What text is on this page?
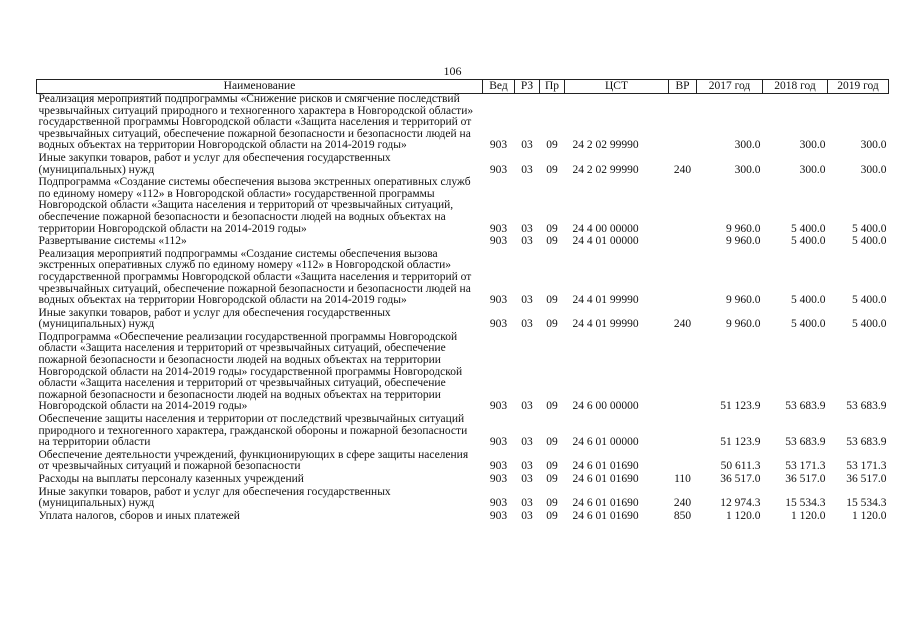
106
Наименование	Вед	РЗ	Пр	ЦСТ	ВР	2017 год	2018 год	2019 год
Реализация мероприятий подпрограммы «Снижение рисков и смягчение последствий чрезвычайных ситуаций природного и техногенного характера в Новгородской области» государственной программы Новгородской области «Защита населения и территорий от чрезвычайных ситуаций, обеспечение пожарной безопасности и безопасности людей на водных объектах на территории Новгородской области на 2014-2019 годы»	903	03	09	24 2 02 99990		300.0	300.0	300.0
Иные закупки товаров, работ и услуг для обеспечения государственных (муниципальных) нужд	903	03	09	24 2 02 99990	240	300.0	300.0	300.0
Подпрограмма «Создание системы обеспечения вызова экстренных оперативных служб по единому номеру «112» в Новгородской области» государственной программы Новгородской области «Защита населения и территорий от чрезвычайных ситуаций, обеспечение пожарной безопасности и безопасности людей на водных объектах на территории Новгородской области на 2014-2019 годы»	903	03	09	24 4 00 00000		9 960.0	5 400.0	5 400.0
Развертывание системы «112»	903	03	09	24 4 01 00000		9 960.0	5 400.0	5 400.0
Реализация мероприятий подпрограммы «Создание системы обеспечения вызова экстренных оперативных служб по единому номеру «112» в Новгородской области» государственной программы Новгородской области «Защита населения и территорий от чрезвычайных ситуаций, обеспечение пожарной безопасности и безопасности людей на водных объектах на территории Новгородской области на 2014-2019 годы»	903	03	09	24 4 01 99990		9 960.0	5 400.0	5 400.0
Иные закупки товаров, работ и услуг для обеспечения государственных (муниципальных) нужд	903	03	09	24 4 01 99990	240	9 960.0	5 400.0	5 400.0
Подпрограмма «Обеспечение реализации государственной программы Новгородской области «Защита населения и территорий от чрезвычайных ситуаций, обеспечение пожарной безопасности и безопасности людей на водных объектах на территории Новгородской области на 2014-2019 годы» государственной программы Новгородской области «Защита населения и территорий от чрезвычайных ситуаций, обеспечение пожарной безопасности и безопасности людей на водных объектах на территории Новгородской области на 2014-2019 годы»	903	03	09	24 6 00 00000		51 123.9	53 683.9	53 683.9
Обеспечение защиты населения и территории от последствий чрезвычайных ситуаций природного и техногенного характера, гражданской обороны и пожарной безопасности на территории области	903	03	09	24 6 01 00000		51 123.9	53 683.9	53 683.9
Обеспечение деятельности учреждений, функционирующих в сфере защиты населения от чрезвычайных ситуаций и пожарной безопасности	903	03	09	24 6 01 01690		50 611.3	53 171.3	53 171.3
Расходы на выплаты персоналу казенных учреждений	903	03	09	24 6 01 01690	110	36 517.0	36 517.0	36 517.0
Иные закупки товаров, работ и услуг для обеспечения государственных (муниципальных) нужд	903	03	09	24 6 01 01690	240	12 974.3	15 534.3	15 534.3
Уплата налогов, сборов и иных платежей	903	03	09	24 6 01 01690	850	1 120.0	1 120.0	1 120.0
